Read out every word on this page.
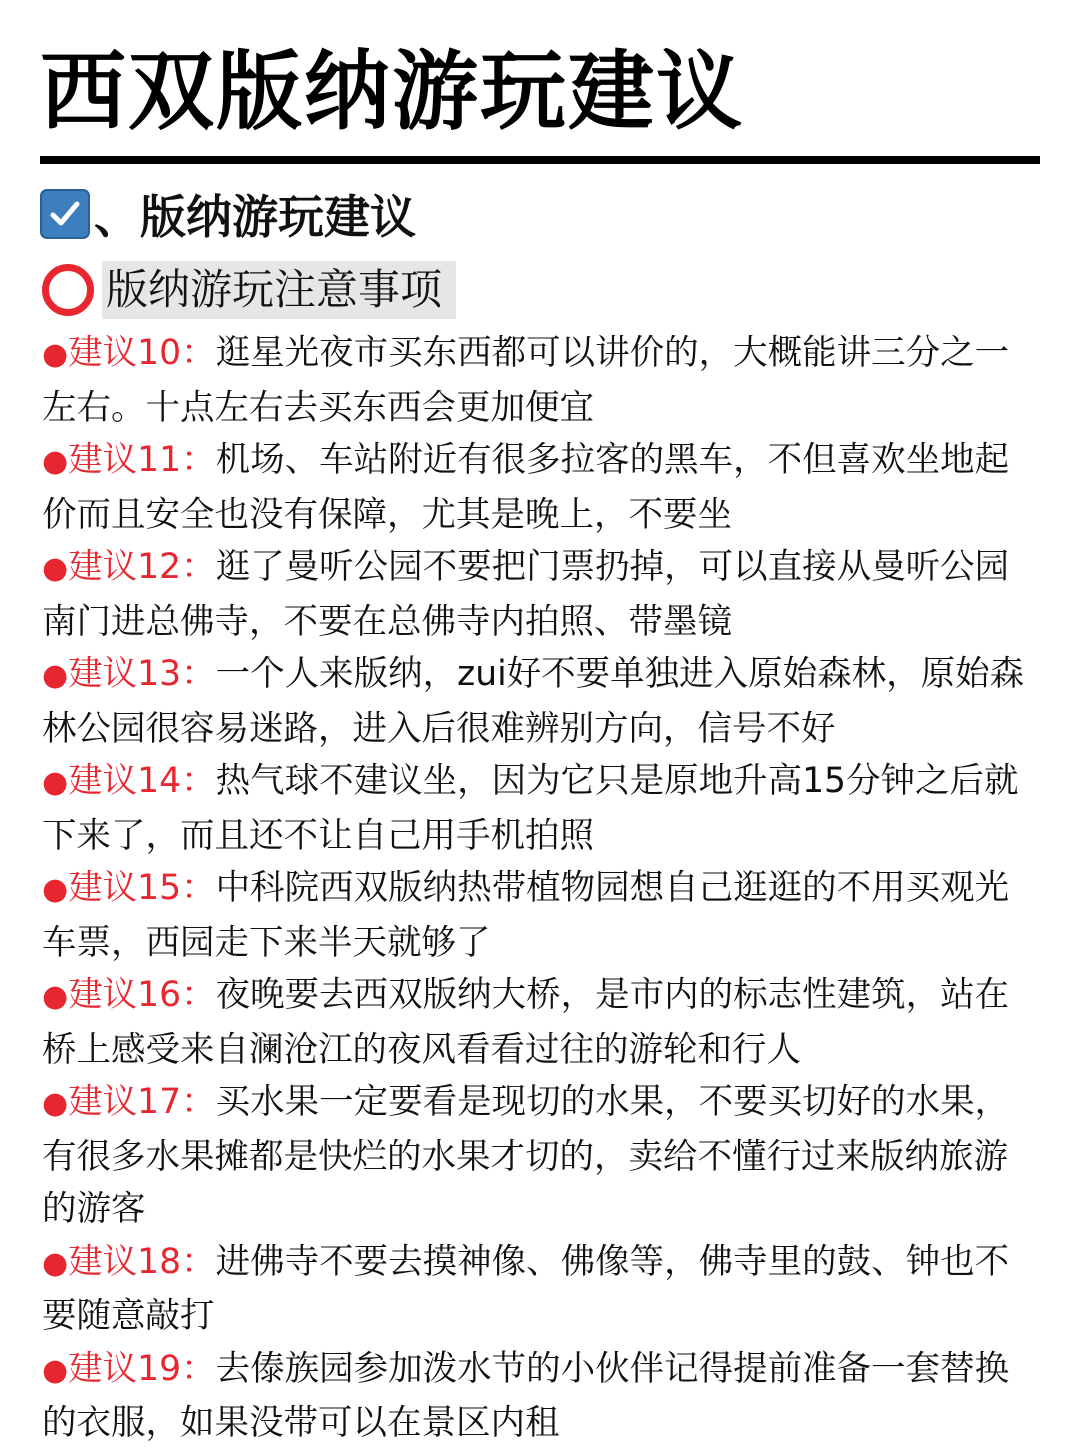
西双版纳游玩建议
、版纳游玩建议
版纳游玩注意事项
●建议10：逛星光夜市买东西都可以讲价的，大概能讲三分之一左右。十点左右去买东西会更加便宜
●建议11：机场、车站附近有很多拉客的黑车，不但喜欢坐地起价而且安全也没有保障，尤其是晚上，不要坐
●建议12：逛了曼听公园不要把门票扔掉，可以直接从曼听公园南门进总佛寺，不要在总佛寺内拍照、带墨镜
●建议13：一个人来版纳，zui好不要单独进入原始森林，原始森林公园很容易迷路，进入后很难辨别方向，信号不好
●建议14：热气球不建议坐，因为它只是原地升高15分钟之后就下来了，而且还不让自己用手机拍照
●建议15：中科院西双版纳热带植物园想自己逛逛的不用买观光车票，西园走下来半天就够了
●建议16：夜晚要去西双版纳大桥，是市内的标志性建筑，站在桥上感受来自澜沧江的夜风看看过往的游轮和行人
●建议17：买水果一定要看是现切的水果，不要买切好的水果，有很多水果摊都是快烂的水果才切的，卖给不懂行过来版纳旅游的游客
●建议18：进佛寺不要去摸神像、佛像等，佛寺里的鼓、钟也不要随意敲打
●建议19：去傣族园参加泼水节的小伙伴记得提前准备一套替换的衣服，如果没带可以在景区内租
